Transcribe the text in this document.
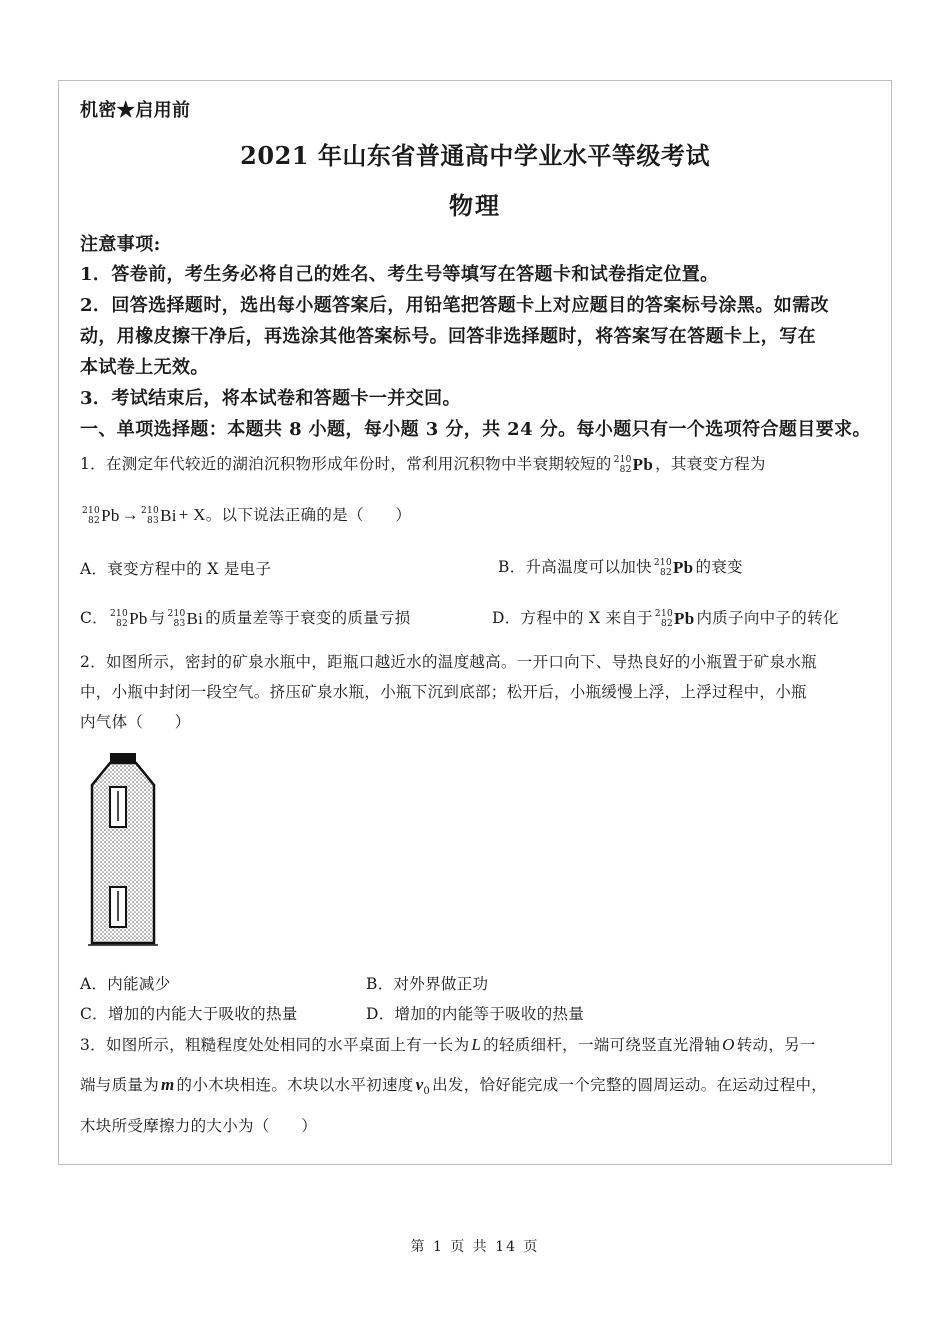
机密★启用前
2021 年山东省普通高中学业水平等级考试
物理
注意事项:
1．答卷前，考生务必将自己的姓名、考生号等填写在答题卡和试卷指定位置。
2．回答选择题时，选出每小题答案后，用铅笔把答题卡上对应题目的答案标号涂黑。如需改
动，用橡皮擦干净后，再选涂其他答案标号。回答非选择题时，将答案写在答题卡上，写在
本试卷上无效。
3．考试结束后，将本试卷和答题卡一并交回。
一、单项选择题：本题共 8 小题，每小题 3 分，共 24 分。每小题只有一个选项符合题目要求。
1．在测定年代较近的湖泊沉积物形成年份时，常利用沉积物中半衰期较短的 210
82 Pb ，其衰变方程为
210
82 Pb → 210
83 Bi + X。以下说法正确的是（　　）
A．衰变方程中的 X 是电子	B．升高温度可以加快 210
82 Pb 的衰变
C． 210
82 Pb 与 210
83 Bi 的质量差等于衰变的质量亏损	D．方程中的 X 来自于 210
82 Pb 内质子向中子的转化
2．如图所示，密封的矿泉水瓶中，距瓶口越近水的温度越高。一开口向下、导热良好的小瓶置于矿泉水瓶
中，小瓶中封闭一段空气。挤压矿泉水瓶，小瓶下沉到底部；松开后，小瓶缓慢上浮，上浮过程中，小瓶
内气体（　　）
A．内能减少	B．对外界做正功
C．增加的内能大于吸收的热量	D．增加的内能等于吸收的热量
3．如图所示，粗糙程度处处相同的水平桌面上有一长为 L 的轻质细杆，一端可绕竖直光滑轴 O 转动，另一
端与质量为 m 的小木块相连。木块以水平初速度 $v_0$ 出发，恰好能完成一个完整的圆周运动。在运动过程中，
木块所受摩擦力的大小为（　　）
第 1 页 共 14 页
